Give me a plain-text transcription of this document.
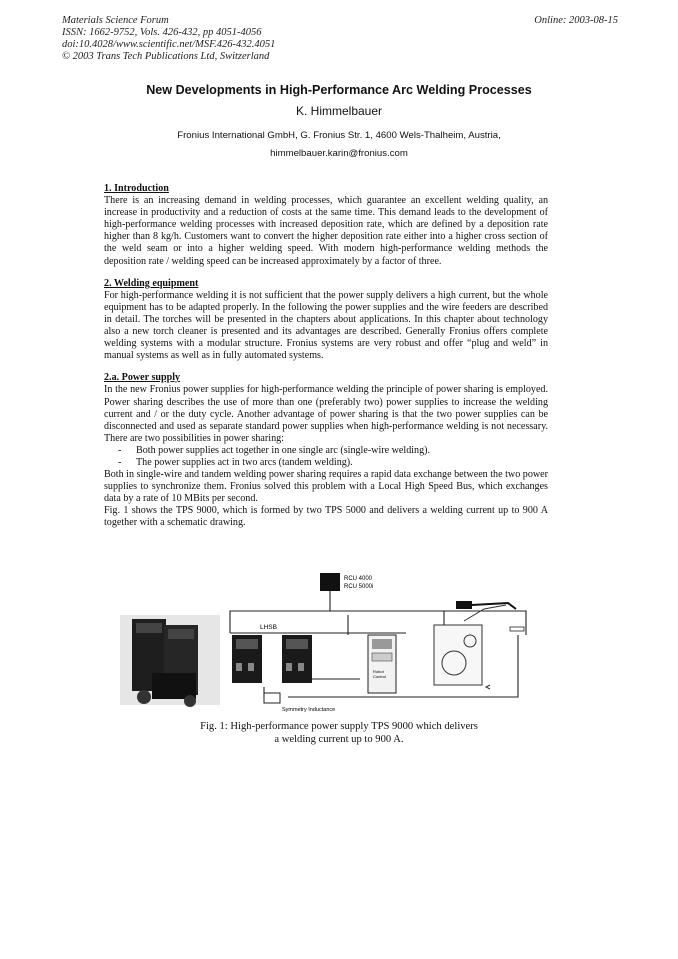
Materials Science Forum
ISSN: 1662-9752, Vols. 426-432, pp 4051-4056
doi:10.4028/www.scientific.net/MSF.426-432.4051
© 2003 Trans Tech Publications Ltd, Switzerland
Online: 2003-08-15
New Developments in High-Performance Arc Welding Processes
K. Himmelbauer
Fronius International GmbH, G. Fronius Str. 1, 4600 Wels-Thalheim, Austria,
himmelbauer.karin@fronius.com

1. Introduction

There is an increasing demand in welding processes, which guarantee an excellent welding quality, an increase in productivity and a reduction of costs at the same time. This demand leads to the development of high-performance welding processes with increased deposition rate, which are defined by a deposition rate higher than 8 kg/h. Customers want to convert the higher deposition rate either into a higher cross section of the weld seam or into a higher welding speed. With modern high-performance welding methods the deposition rate / welding speed can be increased approximately by a factor of three.

2. Welding equipment

For high-performance welding it is not sufficient that the power supply delivers a high current, but the whole equipment has to be adapted properly. In the following the power supplies and the wire feeders are described in detail. The torches will be presented in the chapters about applications. In this chapter about technology also a new torch cleaner is presented and its advantages are described. Generally Fronius offers complete welding systems with a modular structure. Fronius systems are very robust and offer “plug and weld” in manual systems as well as in fully automated systems.

2.a. Power supply

In the new Fronius power supplies for high-performance welding the principle of power sharing is employed. Power sharing describes the use of more than one (preferably two) power supplies to increase the welding current and / or the duty cycle. Another advantage of power sharing is that the two power supplies can be disconnected and used as separate standard power supplies when high-performance welding is not necessary. There are two possibilities in power sharing:

- Both power supplies act together in one single arc (single-wire welding).
- The power supplies act in two arcs (tandem welding).

Both in single-wire and tandem welding power sharing requires a rapid data exchange between the two power supplies to synchronize them. Fronius solved this problem with a Local High Speed Bus, which exchanges data by a rate of 10 MBits per second.

Fig. 1 shows the TPS 9000, which is formed by two TPS 5000 and delivers a welding current up to 900 A together with a schematic drawing.

RCU 4000
RCU 5000i
LHSB
Symmetry Inductance
Robot
Control
Fig. 1: High-performance power supply TPS 9000 which delivers
a welding current up to 900 A.
